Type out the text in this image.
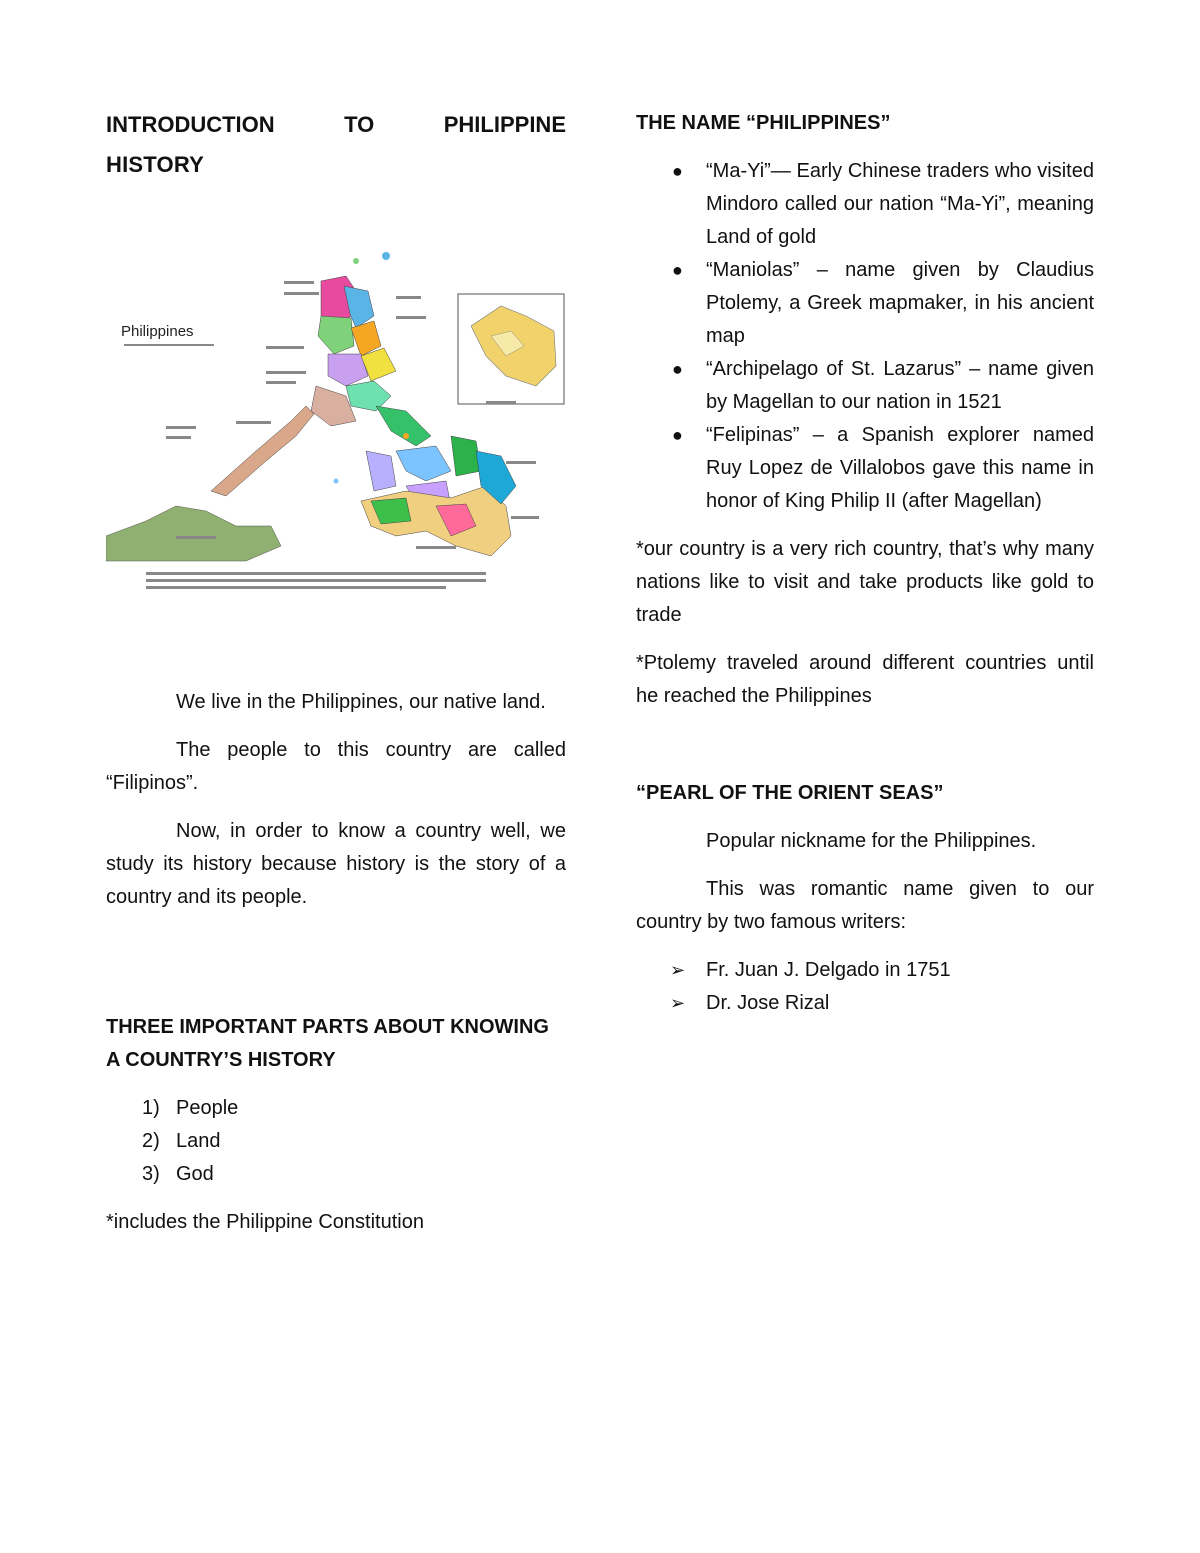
INTRODUCTION	TO	PHILIPPINE
HISTORY
Philippines

We live in the Philippines, our native land.

The people to this country are called “Filipinos”.

Now, in order to know a country well, we study its history because history is the story of a country and its people.

THREE IMPORTANT PARTS ABOUT KNOWING A COUNTRY’S HISTORY
1) People
2) Land
3) God

*includes the Philippine Constitution

THE NAME “PHILIPPINES”
● “Ma-Yi”— Early Chinese traders who visited Mindoro called our nation “Ma-Yi”, meaning Land of gold
● “Maniolas” – name given by Claudius Ptolemy, a Greek mapmaker, in his ancient map
● “Archipelago of St. Lazarus” – name given by Magellan to our nation in 1521
● “Felipinas” – a Spanish explorer named Ruy Lopez de Villalobos gave this name in honor of King Philip II (after Magellan)

*our country is a very rich country, that’s why many nations like to visit and take products like gold to trade

*Ptolemy traveled around different countries until he reached the Philippines

“PEARL OF THE ORIENT SEAS”

Popular nickname for the Philippines.

This was romantic name given to our country by two famous writers:

➢ Fr. Juan J. Delgado in 1751
➢ Dr. Jose Rizal
